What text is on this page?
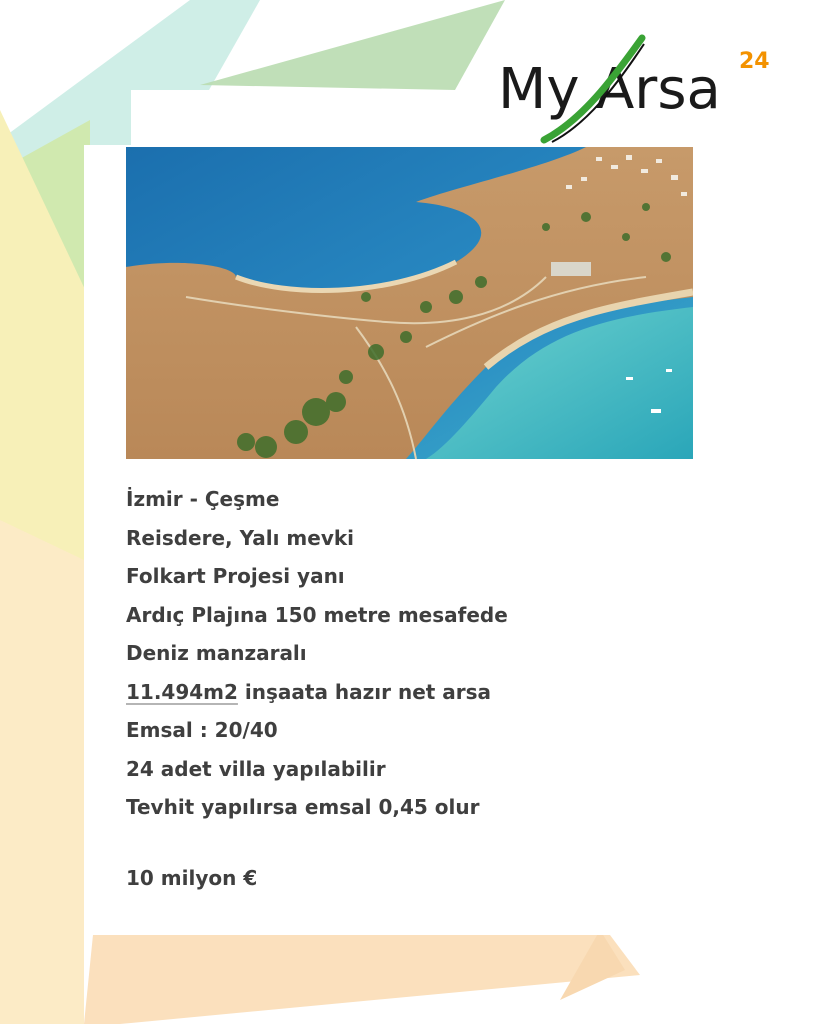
My Arsa 24
İzmir - Çeşme
Reisdere, Yalı mevki
Folkart Projesi yanı
Ardıç Plajına 150 metre mesafede
Deniz manzaralı
11.494m2 inşaata hazır net arsa
Emsal : 20/40
24 adet villa yapılabilir
Tevhit yapılırsa emsal 0,45 olur
10 milyon €
